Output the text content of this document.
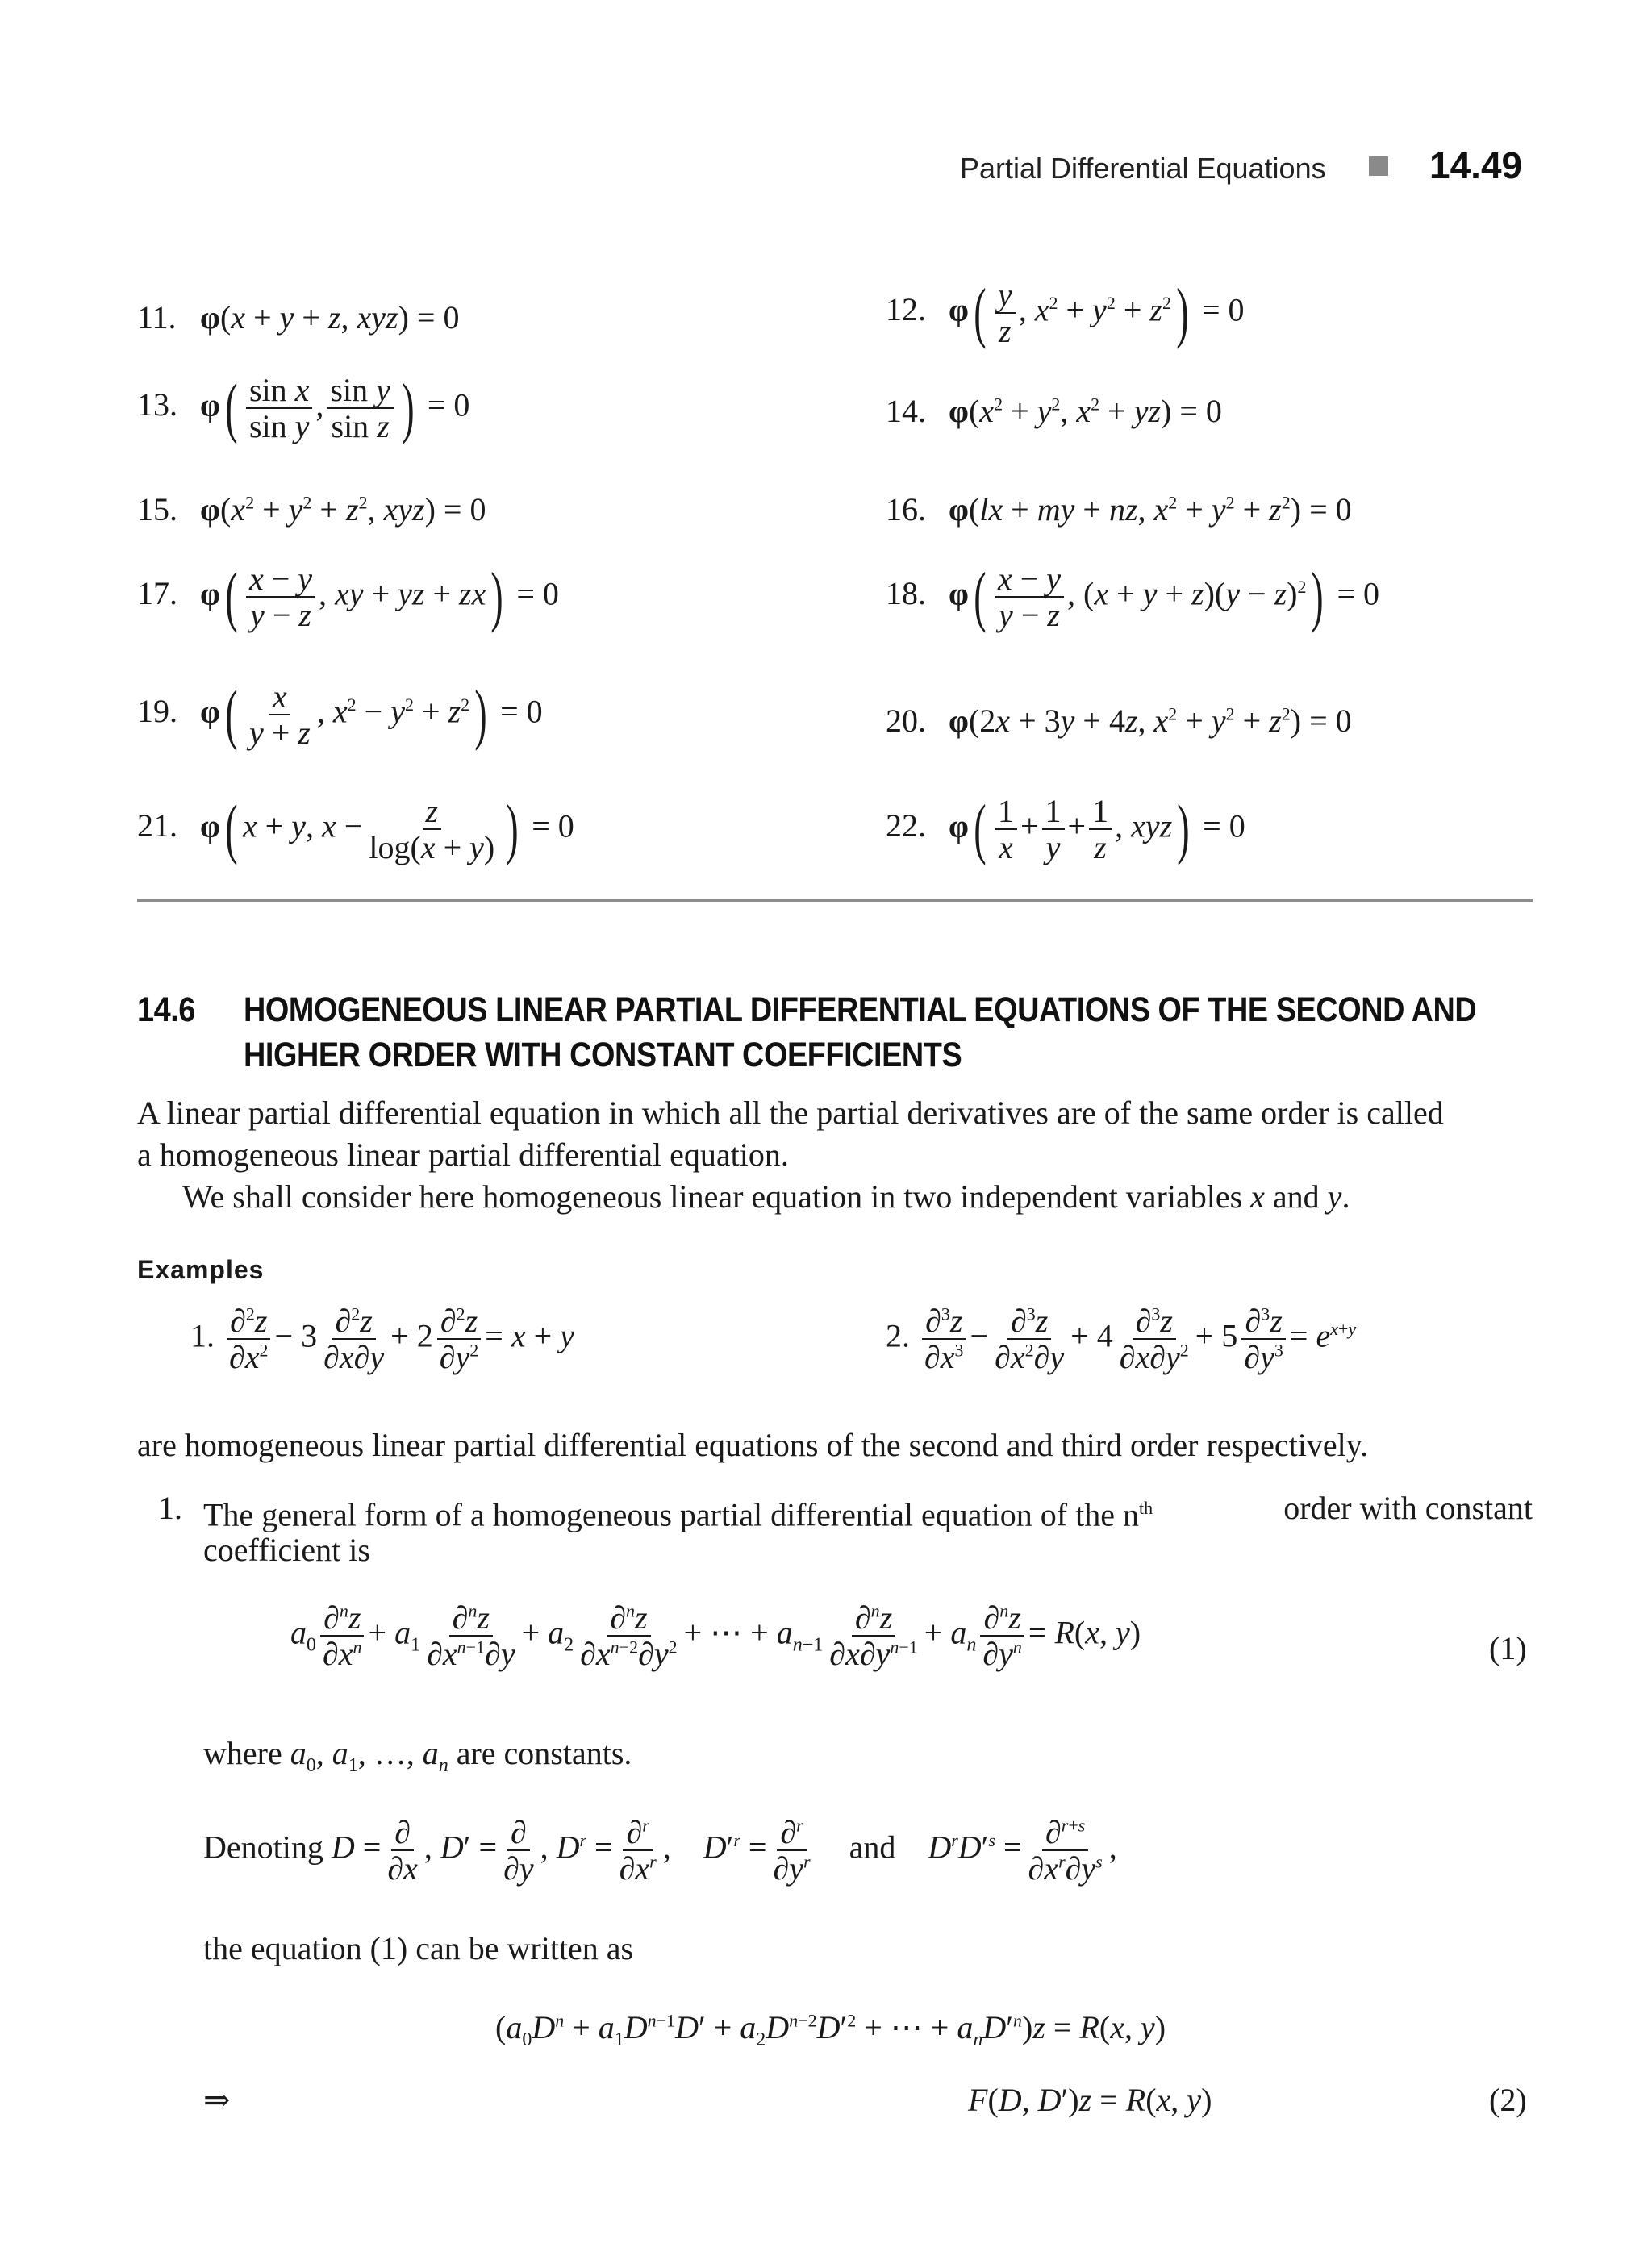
Partial Differential Equations	14.49
11. φ(x + y + z, xyz) = 0	12. $\varphi( \frac{y}{z}$ , $x^2 + y^2 + z^2) = 0$
13. $\varphi( \frac{\text{sin x}}{\text{sin y}}$ , $\frac{\text{sin y}}{\text{sin z}}$ ) = 0	14. $\varphi(x^2 + y^2$, $x^2 + yz) = 0$
15. $\varphi(x^2 + y^2 + z^2$, xyz) = 0	16. φ(lx + my + nz, $x^2 + y^2 + z^2) = 0$
17. $\varphi( \frac{x - y}{y - z}$ , xy + yz + zx) = 0	18. $\varphi( \frac{x - y}{y - z}$ , $(x + y + z)(y - z)^2) = 0$
19. $\varphi( \frac{x}{y + z}$ , $x^2 - y^2 + z^2) = 0$	20. φ(2x + 3y + 4z, $x^2 + y^2 + z^2) = 0$
21. φ( x + y, $x - \frac{z}{\log(x + y)}$ ) = 0	22. $\varphi( \frac{1}{x} + \frac{1}{y} + \frac{1}{z}$ , xyz) = 0
14.6 HOMOGENEOUS LINEAR PARTIAL DIFFERENTIAL EQUATIONS OF THE SECOND AND
HIGHER ORDER WITH CONSTANT COEFFICIENTS
A linear partial differential equation in which all the partial derivatives are of the same order is called
a homogeneous linear partial differential equation.
We shall consider here homogeneous linear equation in two independent variables x and y.
Examples
1. $\frac{\partial^2z}{\partial x^2} - 3 \frac{\partial^2z}{\partial x\partial y} + 2 \frac{\partial^2z}{\partial y^2} = x + y$	2. $\frac{\partial^3z}{\partial x^3} - \frac{\partial^3z}{\partial x^2\partial y} + 4 \frac{\partial^3z}{\partial x\partial y^2} + 5 \frac{\partial^3z}{\partial y^3} = e^{x+y}$
are homogeneous linear partial differential equations of the second and third order respectively.
1. The general form of a homogeneous partial differential equation of the $n^{th}$	order with constant
coefficient is
$a_0 \frac{\partial^nz}{\partial x^n} + a_1 \frac{\partial^nz}{\partial x^{n-1}\partial y} + a_2 \frac{\partial^nz}{\partial x^{n-2}\partial y^2}$ + ⋯ + $a_{n-1} \frac{\partial^nz}{\partial x\partial y^{n-1}} + a_n \frac{\partial^nz}{\partial y^n} = R(x$, y)	(1)
where $a_0$, $a_1$, …, $a_n$ are constants.
Denoting $D = \frac{\partial}{\partial x}$ , $D' = \frac{\partial}{\partial y}$ , $D^r = \frac{\partial^r}{\partial x^r}$ ,    $D'^r = \frac{\partial^r}{\partial y^r}$ and $D^rD'^s = \frac{\partial^{r+s}}{\partial x^r\partial y^s}$ ,
the equation (1) can be written as
($a_0D^n + a_1D^{n-1}D' + a_2D^{n-2}D'^2$ + ⋯ + $a_nD'^n)z = R(x$, y)
⇒	F(D, D′)z = R(x, y)	(2)
